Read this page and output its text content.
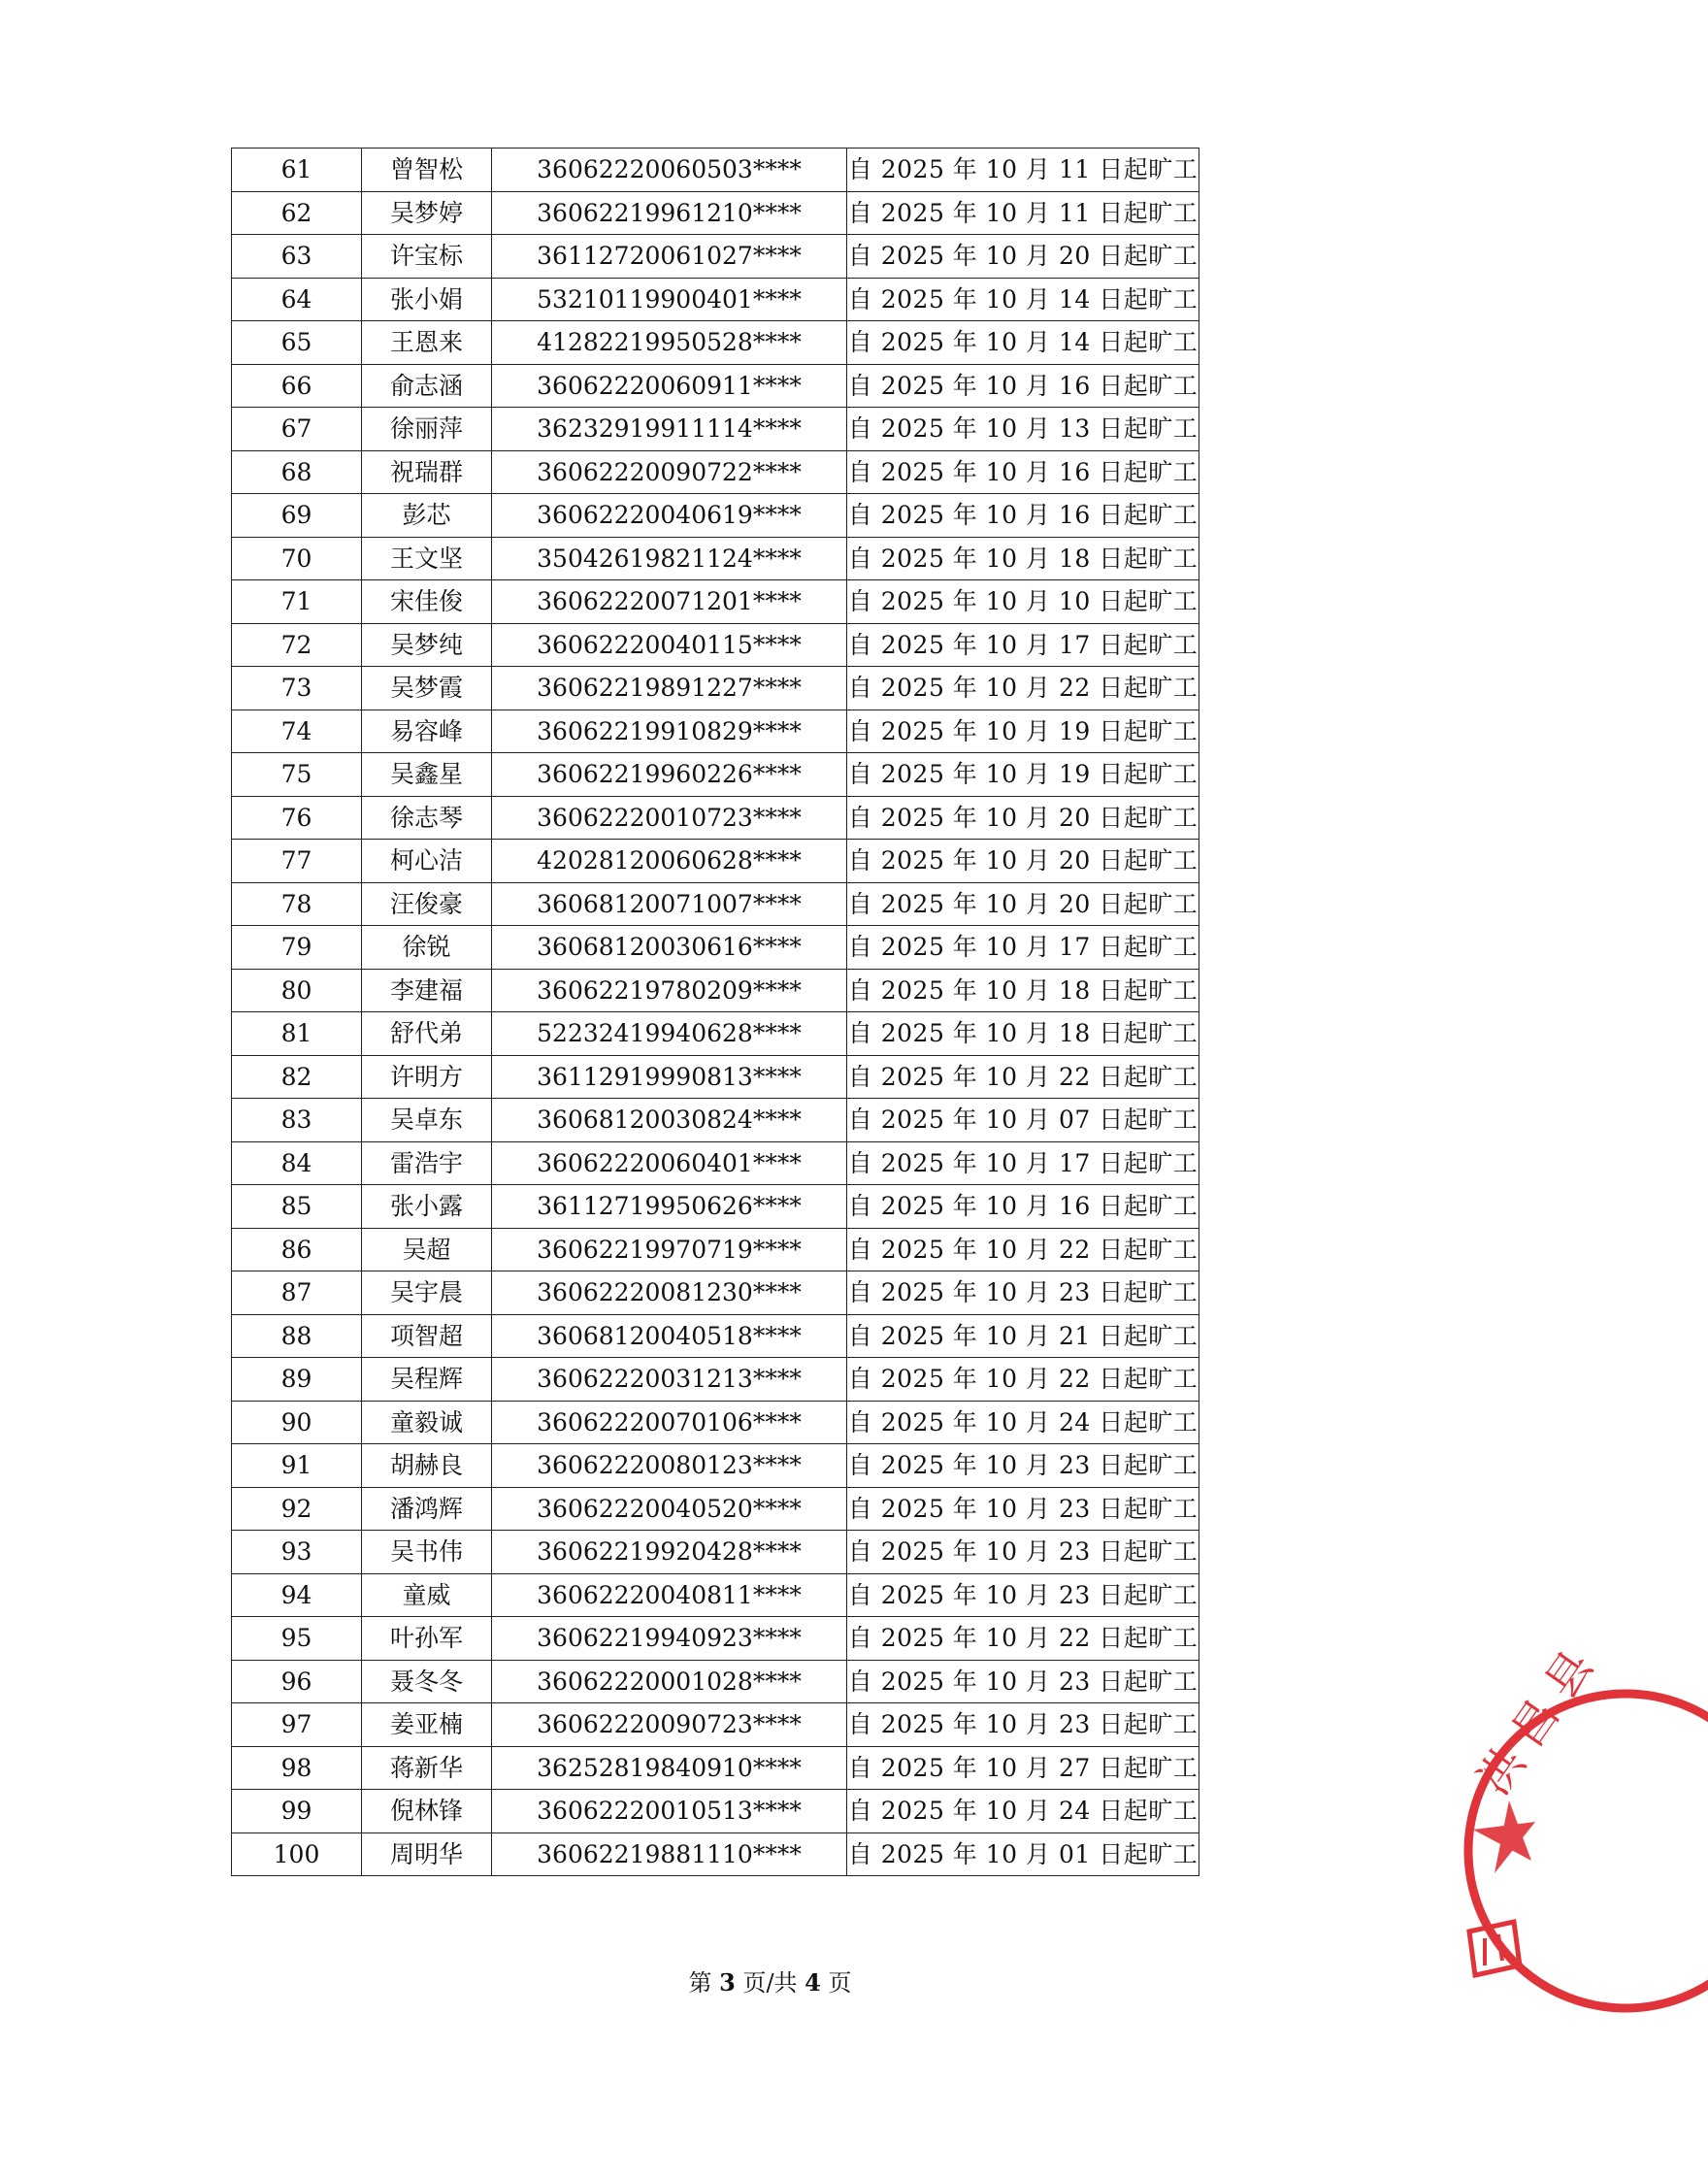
61	曾智松	36062220060503****	自 2025 年 10 月 11 日起旷工
62	吴梦婷	36062219961210****	自 2025 年 10 月 11 日起旷工
63	许宝标	36112720061027****	自 2025 年 10 月 20 日起旷工
64	张小娟	53210119900401****	自 2025 年 10 月 14 日起旷工
65	王恩来	41282219950528****	自 2025 年 10 月 14 日起旷工
66	俞志涵	36062220060911****	自 2025 年 10 月 16 日起旷工
67	徐丽萍	36232919911114****	自 2025 年 10 月 13 日起旷工
68	祝瑞群	36062220090722****	自 2025 年 10 月 16 日起旷工
69	彭芯	36062220040619****	自 2025 年 10 月 16 日起旷工
70	王文坚	35042619821124****	自 2025 年 10 月 18 日起旷工
71	宋佳俊	36062220071201****	自 2025 年 10 月 10 日起旷工
72	吴梦纯	36062220040115****	自 2025 年 10 月 17 日起旷工
73	吴梦霞	36062219891227****	自 2025 年 10 月 22 日起旷工
74	易容峰	36062219910829****	自 2025 年 10 月 19 日起旷工
75	吴鑫星	36062219960226****	自 2025 年 10 月 19 日起旷工
76	徐志琴	36062220010723****	自 2025 年 10 月 20 日起旷工
77	柯心洁	42028120060628****	自 2025 年 10 月 20 日起旷工
78	汪俊豪	36068120071007****	自 2025 年 10 月 20 日起旷工
79	徐锐	36068120030616****	自 2025 年 10 月 17 日起旷工
80	李建福	36062219780209****	自 2025 年 10 月 18 日起旷工
81	舒代弟	52232419940628****	自 2025 年 10 月 18 日起旷工
82	许明方	36112919990813****	自 2025 年 10 月 22 日起旷工
83	吴卓东	36068120030824****	自 2025 年 10 月 07 日起旷工
84	雷浩宇	36062220060401****	自 2025 年 10 月 17 日起旷工
85	张小露	36112719950626****	自 2025 年 10 月 16 日起旷工
86	吴超	36062219970719****	自 2025 年 10 月 22 日起旷工
87	吴宇晨	36062220081230****	自 2025 年 10 月 23 日起旷工
88	项智超	36068120040518****	自 2025 年 10 月 21 日起旷工
89	吴程辉	36062220031213****	自 2025 年 10 月 22 日起旷工
90	童毅诚	36062220070106****	自 2025 年 10 月 24 日起旷工
91	胡赫良	36062220080123****	自 2025 年 10 月 23 日起旷工
92	潘鸿辉	36062220040520****	自 2025 年 10 月 23 日起旷工
93	吴书伟	36062219920428****	自 2025 年 10 月 23 日起旷工
94	童威	36062220040811****	自 2025 年 10 月 23 日起旷工
95	叶孙军	36062219940923****	自 2025 年 10 月 22 日起旷工
96	聂冬冬	36062220001028****	自 2025 年 10 月 23 日起旷工
97	姜亚楠	36062220090723****	自 2025 年 10 月 23 日起旷工
98	蒋新华	36252819840910****	自 2025 年 10 月 27 日起旷工
99	倪林锋	36062220010513****	自 2025 年 10 月 24 日起旷工
100	周明华	36062219881110****	自 2025 年 10 月 01 日起旷工
第 3 页/共 4 页
洪 昌 县
